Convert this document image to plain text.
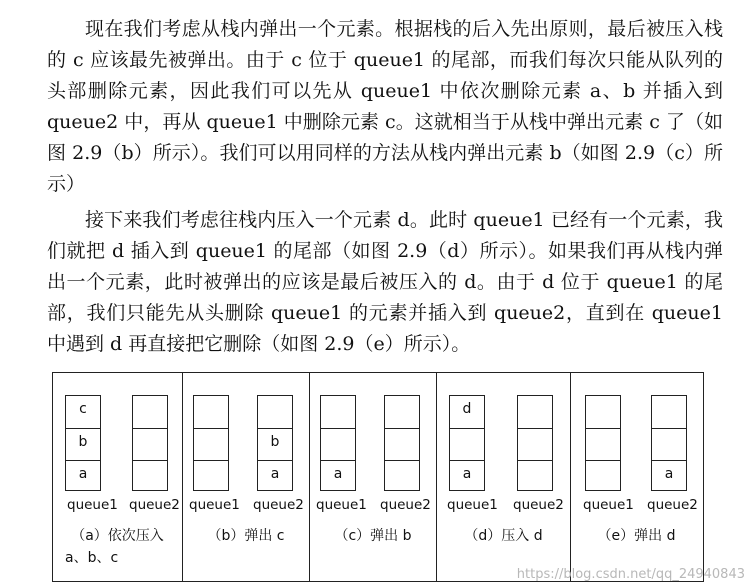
现在我们考虑从栈内弹出一个元素。根据栈的后入先出原则，最后被压入栈的 c 应该最先被弹出。由于 c 位于 queue1 的尾部，而我们每次只能从队列的头部删除元素，因此我们可以先从 queue1 中依次删除元素 a、b 并插入到 queue2 中，再从 queue1 中删除元素 c。这就相当于从栈中弹出元素 c 了（如图 2.9（b）所示）。我们可以用同样的方法从栈内弹出元素 b（如图 2.9（c）所示）

接下来我们考虑往栈内压入一个元素 d。此时 queue1 已经有一个元素，我们就把 d 插入到 queue1 的尾部（如图 2.9（d）所示）。如果我们再从栈内弹出一个元素，此时被弹出的应该是最后被压入的 d。由于 d 位于 queue1 的尾部，我们只能先从头删除 queue1 的元素并插入到 queue2，直到在 queue1 中遇到 d 再直接把它删除（如图 2.9（e）所示）。

c
b
a
queue1 queue2
（a）依次压入
a、b、c
b
a
queue1 queue2
（b）弹出 c
a
queue1 queue2
（c）弹出 b
d
a
queue1 queue2
（d）压入 d
a
queue1 queue2
（e）弹出 d
https://blog.csdn.net/qq_24940843
